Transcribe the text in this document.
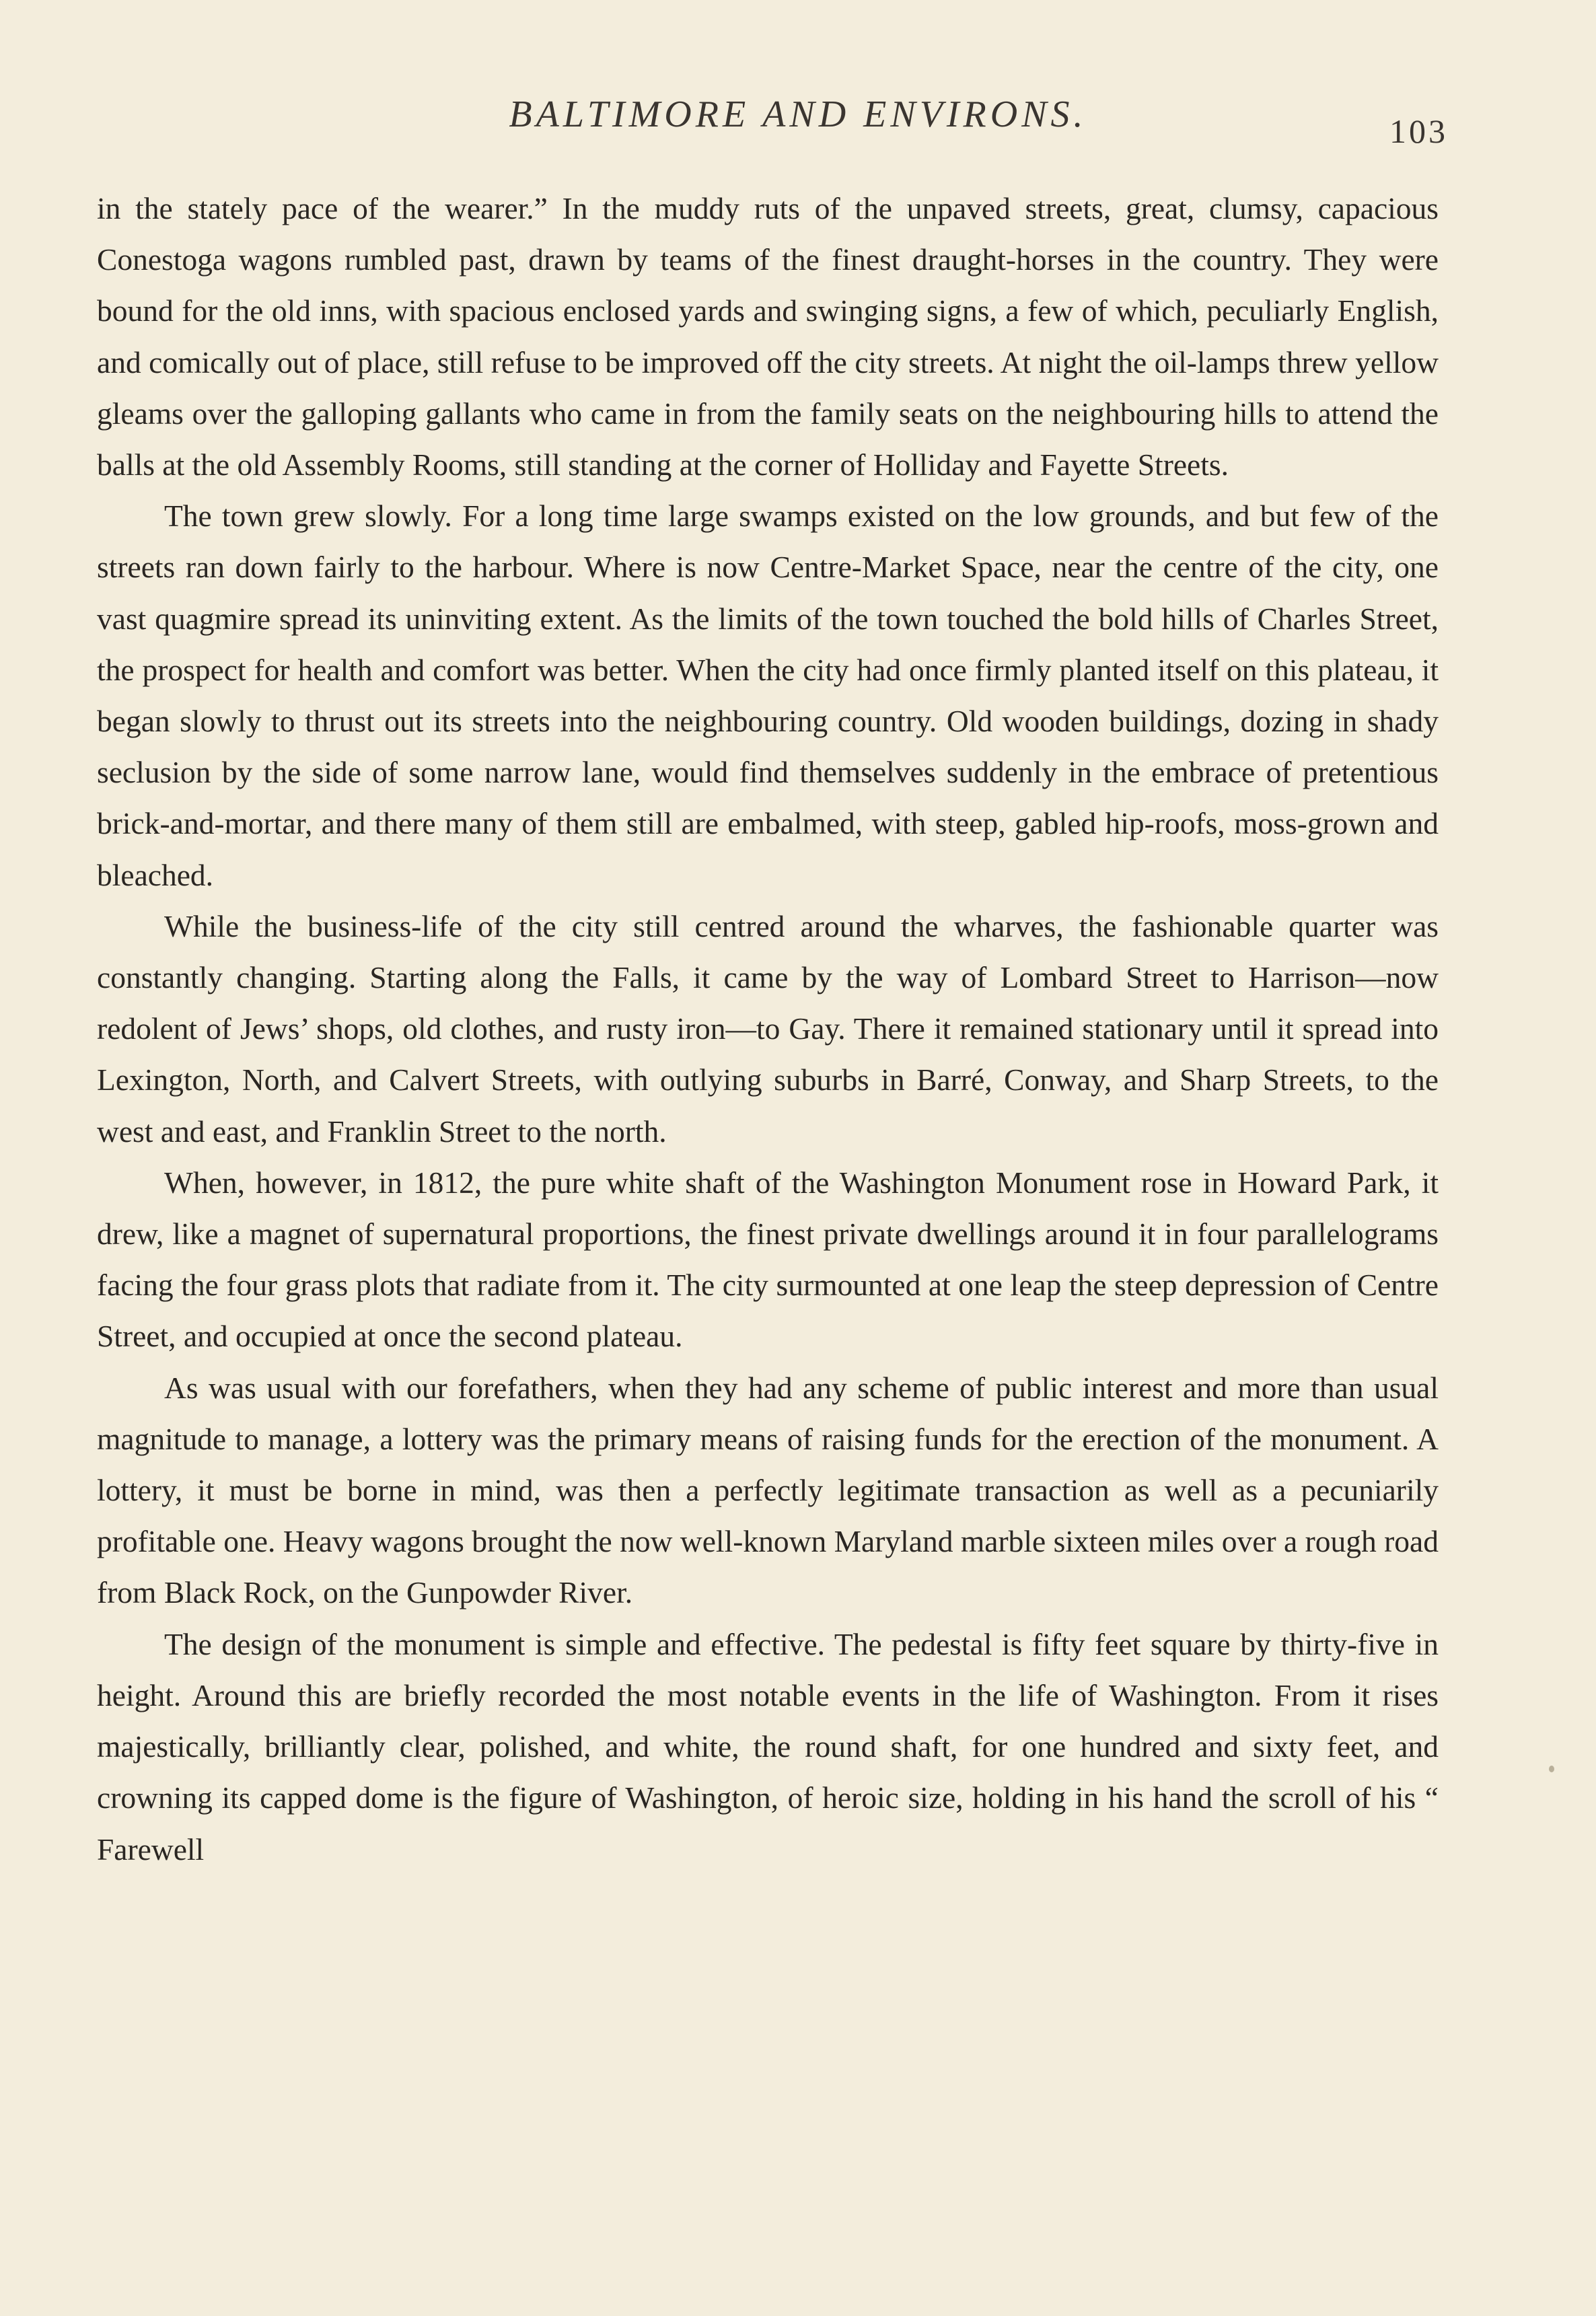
BALTIMORE AND ENVIRONS.	103

in the stately pace of the wearer.” In the muddy ruts of the unpaved streets, great, clumsy, capacious Conestoga wagons rumbled past, drawn by teams of the finest draught-horses in the country. They were bound for the old inns, with spacious enclosed yards and swinging signs, a few of which, peculiarly English, and comically out of place, still refuse to be improved off the city streets. At night the oil-lamps threw yellow gleams over the galloping gallants who came in from the family seats on the neighbouring hills to attend the balls at the old Assembly Rooms, still standing at the corner of Holliday and Fayette Streets.

The town grew slowly. For a long time large swamps existed on the low grounds, and but few of the streets ran down fairly to the harbour. Where is now Centre-Market Space, near the centre of the city, one vast quagmire spread its uninviting extent. As the limits of the town touched the bold hills of Charles Street, the prospect for health and comfort was better. When the city had once firmly planted itself on this plateau, it began slowly to thrust out its streets into the neighbouring country. Old wooden buildings, dozing in shady seclusion by the side of some narrow lane, would find themselves suddenly in the embrace of pretentious brick-and-mortar, and there many of them still are embalmed, with steep, gabled hip-roofs, moss-grown and bleached.

While the business-life of the city still centred around the wharves, the fashionable quarter was constantly changing. Starting along the Falls, it came by the way of Lombard Street to Harrison—now redolent of Jews’ shops, old clothes, and rusty iron—to Gay. There it remained stationary until it spread into Lexington, North, and Calvert Streets, with outlying suburbs in Barré, Conway, and Sharp Streets, to the west and east, and Franklin Street to the north.

When, however, in 1812, the pure white shaft of the Washington Monument rose in Howard Park, it drew, like a magnet of supernatural proportions, the finest private dwellings around it in four parallelograms facing the four grass plots that radiate from it. The city surmounted at one leap the steep depression of Centre Street, and occupied at once the second plateau.

As was usual with our forefathers, when they had any scheme of public interest and more than usual magnitude to manage, a lottery was the primary means of raising funds for the erection of the monument. A lottery, it must be borne in mind, was then a perfectly legitimate transaction as well as a pecuniarily profitable one. Heavy wagons brought the now well-known Maryland marble sixteen miles over a rough road from Black Rock, on the Gunpowder River.

The design of the monument is simple and effective. The pedestal is fifty feet square by thirty-five in height. Around this are briefly recorded the most notable events in the life of Washington. From it rises majestically, brilliantly clear, polished, and white, the round shaft, for one hundred and sixty feet, and crowning its capped dome is the figure of Washington, of heroic size, holding in his hand the scroll of his “ Farewell
